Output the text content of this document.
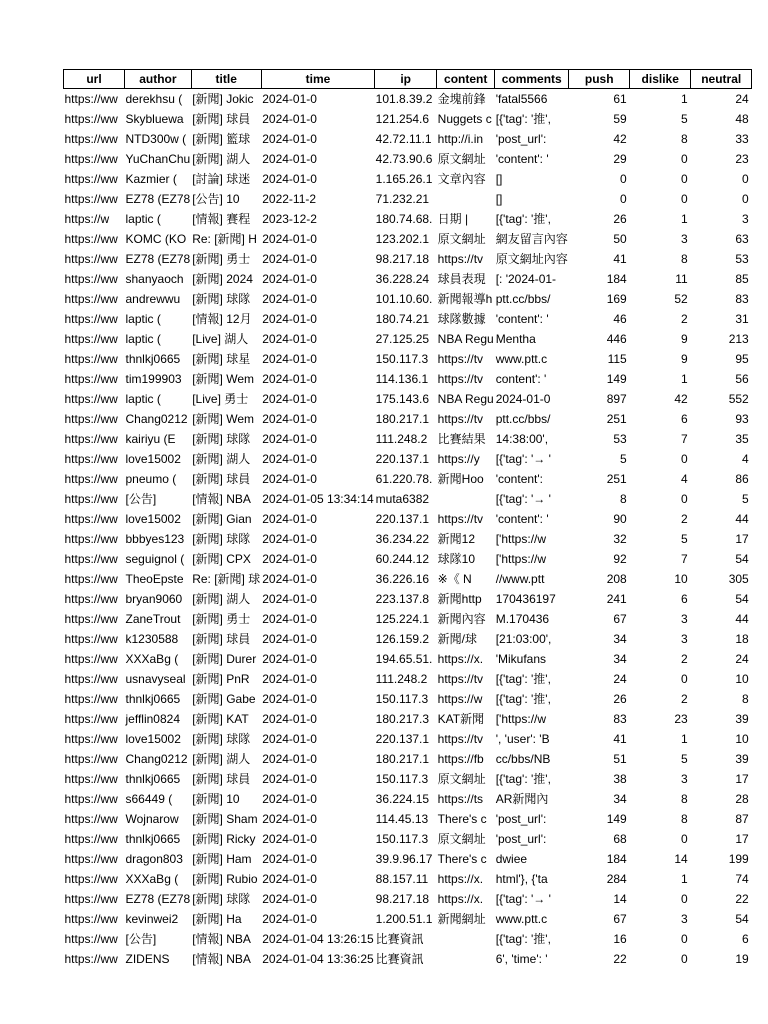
url	author	title	time	ip	content	comments	push	dislike	neutral
https://ww	derekhsu (	[新聞] Jokic	2024-01-0	101.8.39.2	金塊前鋒	'fatal5566	61	1	24
https://ww	Skybluewa	[新聞] 球員	2024-01-0	121.254.6	Nuggets c	[{'tag': '推',	59	5	48
https://ww	NTD300w (	[新聞] 籃球	2024-01-0	42.72.11.1	http://i.in	'post_url':	42	8	33
https://ww	YuChanChu	[新聞] 湖人	2024-01-0	42.73.90.6	原文網址	'content': '	29	0	23
https://ww	Kazmier (	[討論] 球迷	2024-01-0	1.165.26.1	文章內容	[]	0	0	0
https://ww	EZ78 (EZ78	[公告] 10	2022-11-2	71.232.21		[]	0	0	0
https://w	laptic (	[情報] 賽程	2023-12-2	180.74.68.	日期 |	[{'tag': '推',	26	1	3
https://ww	KOMC (KO	Re: [新聞] H	2024-01-0	123.202.1	原文網址	網友留言內容	50	3	63
https://ww	EZ78 (EZ78	[新聞] 勇士	2024-01-0	98.217.18	https://tv	原文網址內容	41	8	53
https://ww	shanyaoch	[新聞] 2024	2024-01-0	36.228.24	球員表現	[: '2024-01-	184	11	85
https://ww	andrewwu	[新聞] 球隊	2024-01-0	101.10.60.	新聞報導h	ptt.cc/bbs/	169	52	83
https://ww	laptic (	[情報] 12月	2024-01-0	180.74.21	球隊數據	'content': '	46	2	31
https://ww	laptic (	[Live] 湖人	2024-01-0	27.125.25	NBA Regu	Mentha	446	9	213
https://ww	thnlkj0665	[新聞] 球星	2024-01-0	150.117.3	https://tv	www.ptt.c	115	9	95
https://ww	tim199903	[新聞] Wem	2024-01-0	114.136.1	https://tv	content': '	149	1	56
https://ww	laptic (	[Live] 勇士	2024-01-0	175.143.6	NBA Regu	2024-01-0	897	42	552
https://ww	Chang0212	[新聞] Wem	2024-01-0	180.217.1	https://tv	ptt.cc/bbs/	251	6	93
https://ww	kairiyu (E	[新聞] 球隊	2024-01-0	111.248.2	比賽結果	14:38:00',	53	7	35
https://ww	love15002	[新聞] 湖人	2024-01-0	220.137.1	https://y	[{'tag': '→ '	5	0	4
https://ww	pneumo (	[新聞] 球員	2024-01-0	61.220.78.	新聞Hoo	'content':	251	4	86
https://ww	[公告]	[情報] NBA	2024-01-05 13:34:14	muta6382		[{'tag': '→ '	8	0	5
https://ww	love15002	[新聞] Gian	2024-01-0	220.137.1	https://tv	'content': '	90	2	44
https://ww	bbbyes123	[新聞] 球隊	2024-01-0	36.234.22	新聞12	['https://w	32	5	17
https://ww	seguignol (	[新聞] CPX	2024-01-0	60.244.12	球隊10	['https://w	92	7	54
https://ww	TheoEpste	Re: [新聞] 球	2024-01-0	36.226.16	※《 N	//www.ptt	208	10	305
https://ww	bryan9060	[新聞] 湖人	2024-01-0	223.137.8	新聞http	170436197	241	6	54
https://ww	ZaneTrout	[新聞] 勇士	2024-01-0	125.224.1	新聞內容	M.170436	67	3	44
https://ww	k1230588	[新聞] 球員	2024-01-0	126.159.2	新聞/球	[21:03:00',	34	3	18
https://ww	XXXaBg (	[新聞] Durer	2024-01-0	194.65.51.	https://x.	'Mikufans	34	2	24
https://ww	usnavyseal	[新聞] PnR	2024-01-0	111.248.2	https://tv	[{'tag': '推',	24	0	10
https://ww	thnlkj0665	[新聞] Gabe	2024-01-0	150.117.3	https://w	[{'tag': '推',	26	2	8
https://ww	jefflin0824	[新聞] KAT	2024-01-0	180.217.3	KAT新聞	['https://w	83	23	39
https://ww	love15002	[新聞] 球隊	2024-01-0	220.137.1	https://tv	', 'user': 'B	41	1	10
https://ww	Chang0212	[新聞] 湖人	2024-01-0	180.217.1	https://fb	cc/bbs/NB	51	5	39
https://ww	thnlkj0665	[新聞] 球員	2024-01-0	150.117.3	原文網址	[{'tag': '推',	38	3	17
https://ww	s66449 (	[新聞] 10	2024-01-0	36.224.15	https://ts	AR新聞內	34	8	28
https://ww	Wojnarow	[新聞] Sham	2024-01-0	114.45.13	There's c	'post_url':	149	8	87
https://ww	thnlkj0665	[新聞] Ricky	2024-01-0	150.117.3	原文網址	'post_url':	68	0	17
https://ww	dragon803	[新聞] Ham	2024-01-0	39.9.96.17	There's c	dwiee	184	14	199
https://ww	XXXaBg (	[新聞] Rubio	2024-01-0	88.157.11	https://x.	html'}, {'ta	284	1	74
https://ww	EZ78 (EZ78	[新聞] 球隊	2024-01-0	98.217.18	https://x.	[{'tag': '→ '	14	0	22
https://ww	kevinwei2	[新聞] Ha	2024-01-0	1.200.51.1	新聞網址	www.ptt.c	67	3	54
https://ww	[公告]	[情報] NBA	2024-01-04 13:26:15	比賽資訊		[{'tag': '推',	16	0	6
https://ww	ZIDENS	[情報] NBA	2024-01-04 13:36:25	比賽資訊		6', 'time': '	22	0	19
